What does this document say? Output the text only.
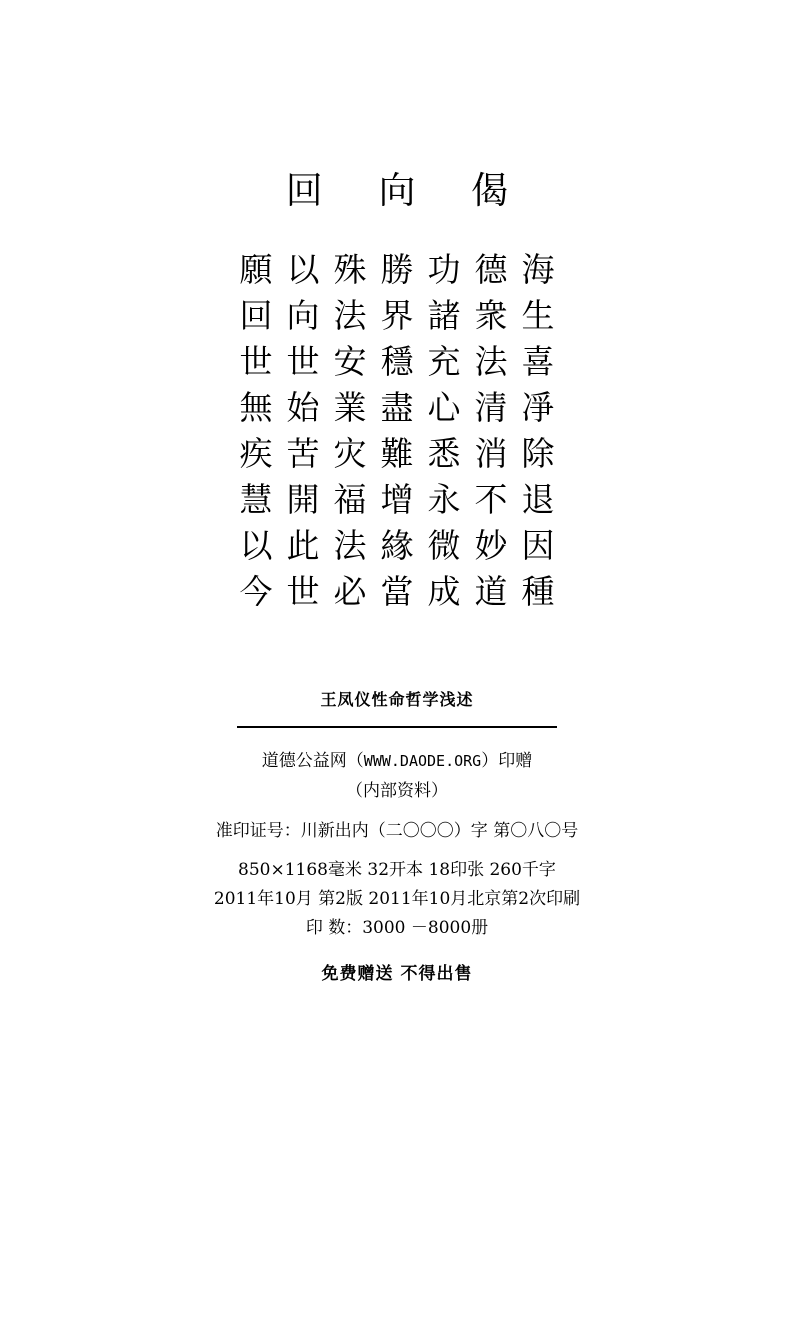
回 向 偈
願 以 殊 勝 功 德 海
回 向 法 界 諸 衆 生
世 世 安 穩 充 法 喜
無 始 業 盡 心 清 凈
疾 苦 灾 難 悉 消 除
慧 開 福 增 永 不 退
以 此 法 緣 微 妙 因
今 世 必 當 成 道 種
王凤仪性命哲学浅述
道德公益网（WWW.DAODE.ORG）印赠
（内部资料）
准印证号：川新出内（二〇〇〇）字 第〇八〇号
850×1168毫米 32开本 18印张 260千字
2011年10月 第2版 2011年10月北京第2次印刷
印 数：3000 －8000册
免费赠送 不得出售
